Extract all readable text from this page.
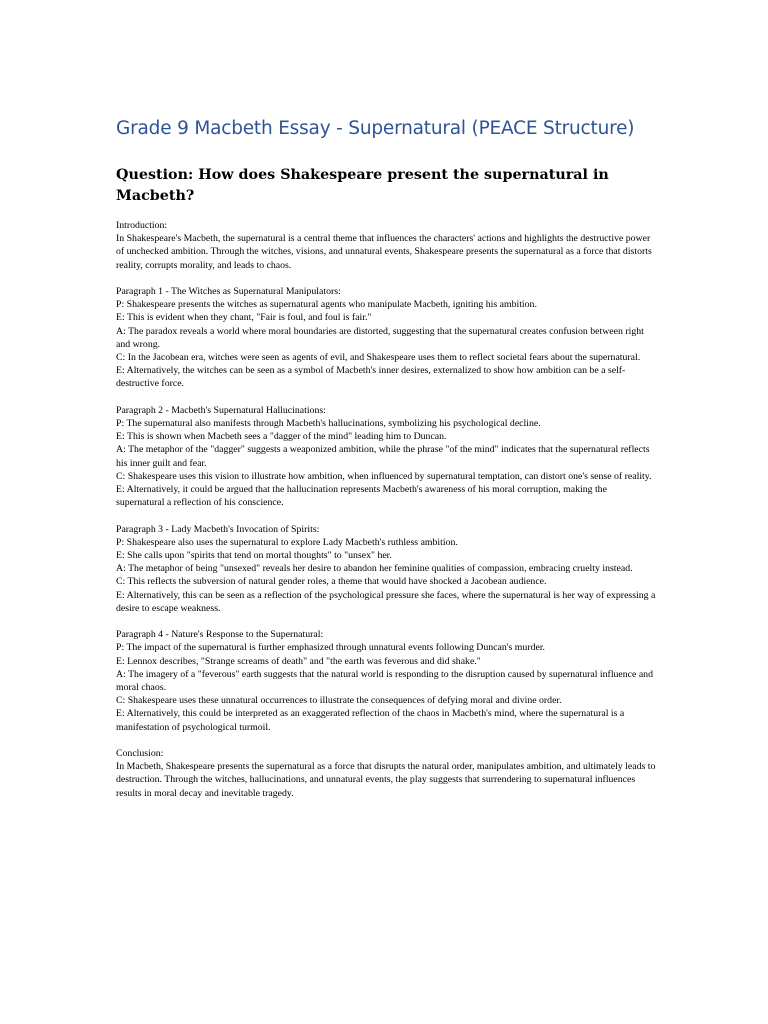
Grade 9 Macbeth Essay - Supernatural (PEACE Structure)
Question: How does Shakespeare present the supernatural in Macbeth?
Introduction:
In Shakespeare's Macbeth, the supernatural is a central theme that influences the characters' actions and highlights the destructive power of unchecked ambition. Through the witches, visions, and unnatural events, Shakespeare presents the supernatural as a force that distorts reality, corrupts morality, and leads to chaos.
Paragraph 1 - The Witches as Supernatural Manipulators:
P: Shakespeare presents the witches as supernatural agents who manipulate Macbeth, igniting his ambition.
E: This is evident when they chant, "Fair is foul, and foul is fair."
A: The paradox reveals a world where moral boundaries are distorted, suggesting that the supernatural creates confusion between right and wrong.
C: In the Jacobean era, witches were seen as agents of evil, and Shakespeare uses them to reflect societal fears about the supernatural.
E: Alternatively, the witches can be seen as a symbol of Macbeth's inner desires, externalized to show how ambition can be a self-destructive force.
Paragraph 2 - Macbeth's Supernatural Hallucinations:
P: The supernatural also manifests through Macbeth's hallucinations, symbolizing his psychological decline.
E: This is shown when Macbeth sees a "dagger of the mind" leading him to Duncan.
A: The metaphor of the "dagger" suggests a weaponized ambition, while the phrase "of the mind" indicates that the supernatural reflects his inner guilt and fear.
C: Shakespeare uses this vision to illustrate how ambition, when influenced by supernatural temptation, can distort one's sense of reality.
E: Alternatively, it could be argued that the hallucination represents Macbeth's awareness of his moral corruption, making the supernatural a reflection of his conscience.
Paragraph 3 - Lady Macbeth's Invocation of Spirits:
P: Shakespeare also uses the supernatural to explore Lady Macbeth's ruthless ambition.
E: She calls upon "spirits that tend on mortal thoughts" to "unsex" her.
A: The metaphor of being "unsexed" reveals her desire to abandon her feminine qualities of compassion, embracing cruelty instead.
C: This reflects the subversion of natural gender roles, a theme that would have shocked a Jacobean audience.
E: Alternatively, this can be seen as a reflection of the psychological pressure she faces, where the supernatural is her way of expressing a desire to escape weakness.
Paragraph 4 - Nature's Response to the Supernatural:
P: The impact of the supernatural is further emphasized through unnatural events following Duncan's murder.
E: Lennox describes, "Strange screams of death" and "the earth was feverous and did shake."
A: The imagery of a "feverous" earth suggests that the natural world is responding to the disruption caused by supernatural influence and moral chaos.
C: Shakespeare uses these unnatural occurrences to illustrate the consequences of defying moral and divine order.
E: Alternatively, this could be interpreted as an exaggerated reflection of the chaos in Macbeth's mind, where the supernatural is a manifestation of psychological turmoil.
Conclusion:
In Macbeth, Shakespeare presents the supernatural as a force that disrupts the natural order, manipulates ambition, and ultimately leads to destruction. Through the witches, hallucinations, and unnatural events, the play suggests that surrendering to supernatural influences results in moral decay and inevitable tragedy.
